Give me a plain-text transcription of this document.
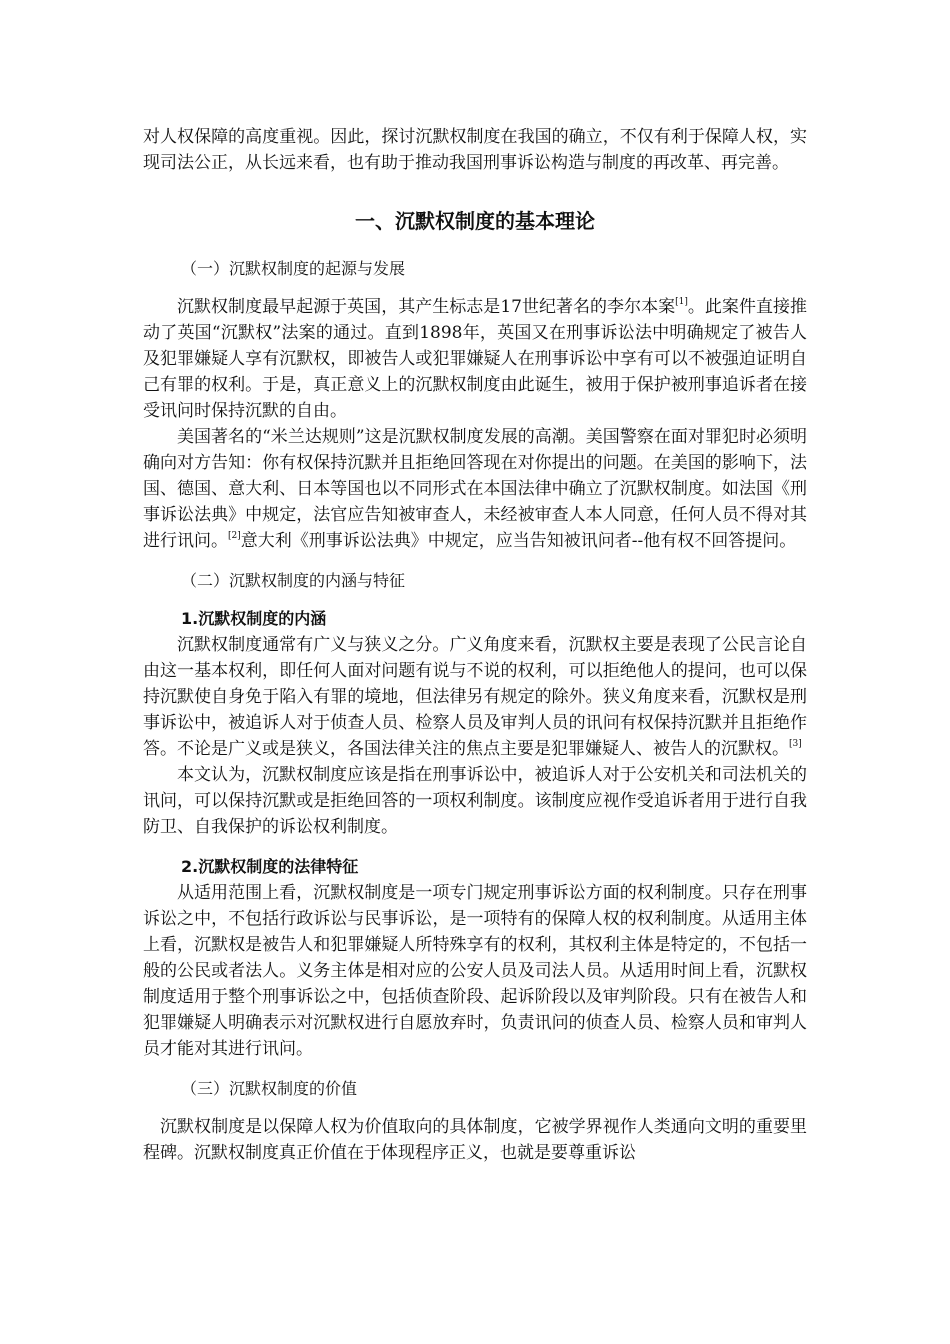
对人权保障的高度重视。因此，探讨沉默权制度在我国的确立，不仅有利于保障人权，实现司法公正，从长远来看，也有助于推动我国刑事诉讼构造与制度的再改革、再完善。

一、沉默权制度的基本理论
（一）沉默权制度的起源与发展

沉默权制度最早起源于英国，其产生标志是17世纪著名的李尔本案[1]。此案件直接推动了英国“沉默权”法案的通过。直到1898年，英国又在刑事诉讼法中明确规定了被告人及犯罪嫌疑人享有沉默权，即被告人或犯罪嫌疑人在刑事诉讼中享有可以不被强迫证明自己有罪的权利。于是，真正意义上的沉默权制度由此诞生，被用于保护被刑事追诉者在接受讯问时保持沉默的自由。

美国著名的“米兰达规则”这是沉默权制度发展的高潮。美国警察在面对罪犯时必须明确向对方告知：你有权保持沉默并且拒绝回答现在对你提出的问题。在美国的影响下，法国、德国、意大利、日本等国也以不同形式在本国法律中确立了沉默权制度。如法国《刑事诉讼法典》中规定，法官应告知被审查人，未经被审查人本人同意，任何人员不得对其进行讯问。[2]意大利《刑事诉讼法典》中规定，应当告知被讯问者--他有权不回答提问。

（二）沉默权制度的内涵与特征
1.沉默权制度的内涵

沉默权制度通常有广义与狭义之分。广义角度来看，沉默权主要是表现了公民言论自由这一基本权利，即任何人面对问题有说与不说的权利，可以拒绝他人的提问，也可以保持沉默使自身免于陷入有罪的境地，但法律另有规定的除外。狭义角度来看，沉默权是刑事诉讼中，被追诉人对于侦查人员、检察人员及审判人员的讯问有权保持沉默并且拒绝作答。不论是广义或是狭义，各国法律关注的焦点主要是犯罪嫌疑人、被告人的沉默权。[3]

本文认为，沉默权制度应该是指在刑事诉讼中，被追诉人对于公安机关和司法机关的讯问，可以保持沉默或是拒绝回答的一项权利制度。该制度应视作受追诉者用于进行自我防卫、自我保护的诉讼权利制度。

2.沉默权制度的法律特征

从适用范围上看，沉默权制度是一项专门规定刑事诉讼方面的权利制度。只存在刑事诉讼之中，不包括行政诉讼与民事诉讼，是一项特有的保障人权的权利制度。从适用主体上看，沉默权是被告人和犯罪嫌疑人所特殊享有的权利，其权利主体是特定的，不包括一般的公民或者法人。义务主体是相对应的公安人员及司法人员。从适用时间上看，沉默权制度适用于整个刑事诉讼之中，包括侦查阶段、起诉阶段以及审判阶段。只有在被告人和犯罪嫌疑人明确表示对沉默权进行自愿放弃时，负责讯问的侦查人员、检察人员和审判人员才能对其进行讯问。

（三）沉默权制度的价值

沉默权制度是以保障人权为价值取向的具体制度，它被学界视作人类通向文明的重要里程碑。沉默权制度真正价值在于体现程序正义，也就是要尊重诉讼
